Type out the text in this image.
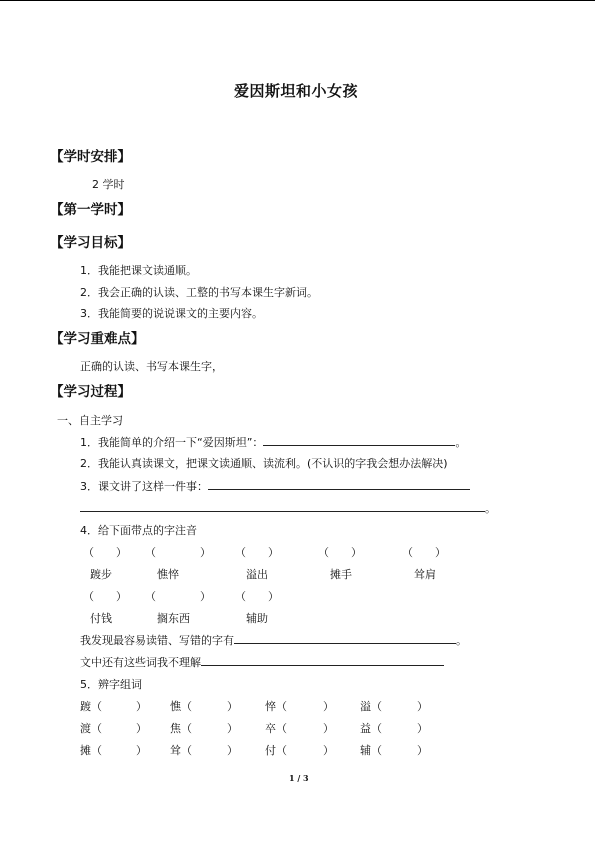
爱因斯坦和小女孩
【学时安排】
2 学时
【第一学时】
【学习目标】
1．我能把课文读通顺。
2．我会正确的认读、工整的书写本课生字新词。
3．我能简要的说说课文的主要内容。
【学习重难点】
正确的认读、书写本课生字，
【学习过程】
一、自主学习
1．我能简单的介绍一下“爱因斯坦”：	。
2．我能认真读课文，把课文读通顺、读流利。(不认识的字我会想办法解决)
3．课文讲了这样一件事：
。
4．给下面带点的字注音
（　　） （　　　　） （　　）	（　　）	（　　）
踱步	憔悴	溢出	摊手	耸肩
（　　） （　　　　） （　　）
付钱	搁东西	辅助
我发现最容易读错、写错的字有	。
文中还有这些词我不理解
5．辨字组词
踱 （	） 憔 （	） 悴 （	） 溢 （	）
渡 （	） 焦 （	） 卒 （	） 益 （	）
摊 （	） 耸 （	） 付 （	） 辅 （	）
1 / 3
